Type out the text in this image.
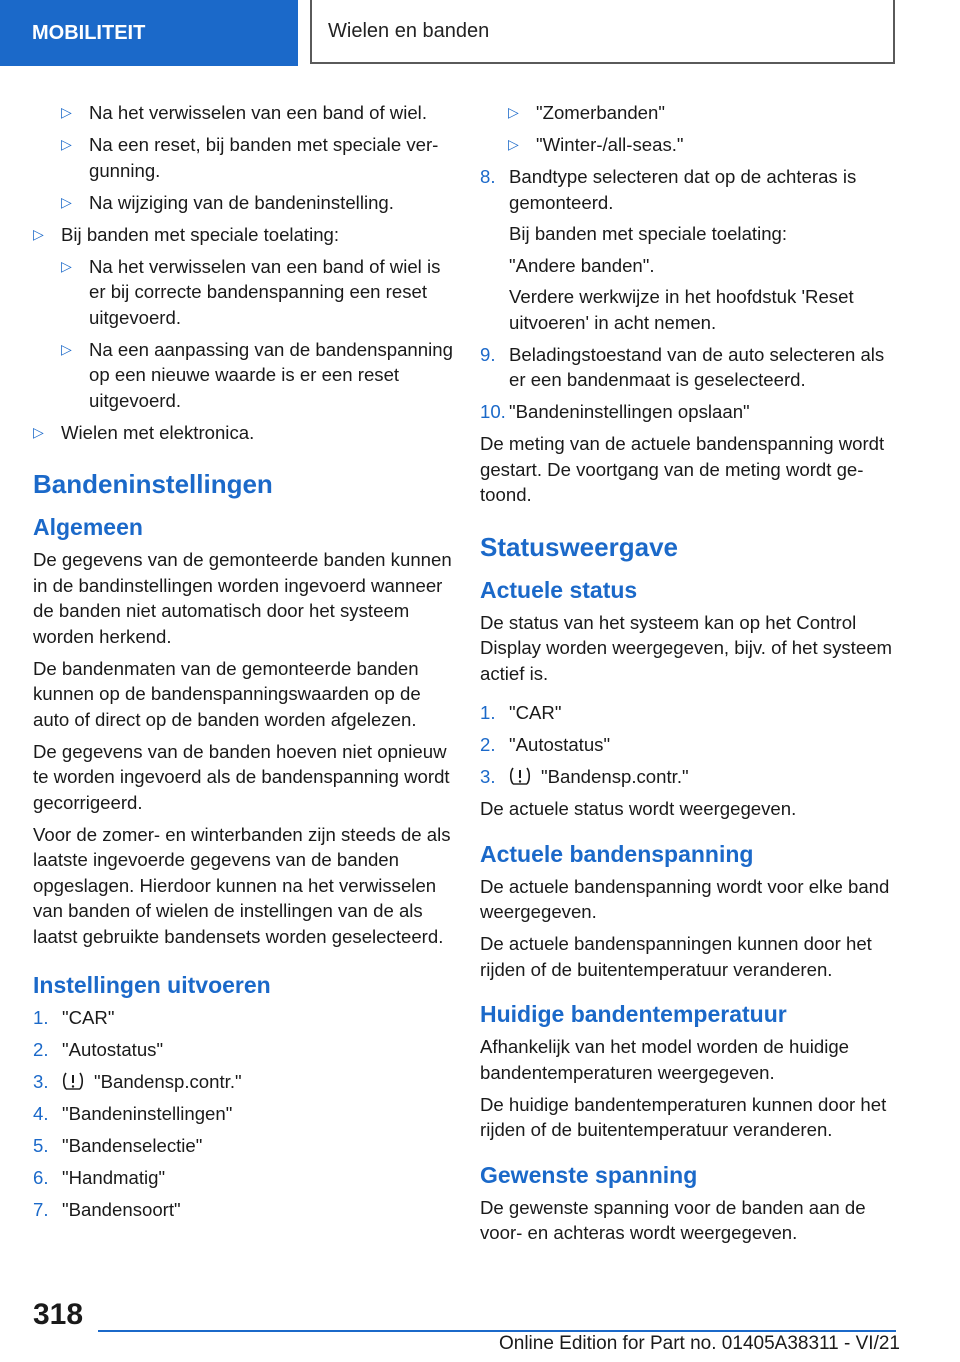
MOBILITEIT	Wielen en banden
▷ Na het verwisselen van een band of wiel.
▷ Na een reset, bij banden met speciale vergunning.
▷ Na wijziging van de bandeninstelling.
▷ Bij banden met speciale toelating:
▷ Na het verwisselen van een band of wiel is er bij correcte bandenspanning een reset uitgevoerd.
▷ Na een aanpassing van de bandenspanning op een nieuwe waarde is er een reset uitgevoerd.
▷ Wielen met elektronica.
Bandeninstellingen
Algemeen

De gegevens van de gemonteerde banden kunnen in de bandinstellingen worden ingevoerd wanneer de banden niet automatisch door het systeem worden herkend.

De bandenmaten van de gemonteerde banden kunnen op de bandenspanningswaarden op de auto of direct op de banden worden afgelezen.

De gegevens van de banden hoeven niet opnieuw te worden ingevoerd als de bandenspanning wordt gecorrigeerd.

Voor de zomer- en winterbanden zijn steeds de als laatste ingevoerde gegevens van de banden opgeslagen. Hierdoor kunnen na het verwisselen van banden of wielen de instellingen van de als laatst gebruikte bandensets worden geselecteerd.

Instellingen uitvoeren
1. "CAR"
2. "Autostatus"
3.	"Bandensp.contr."
4. "Bandeninstellingen"
5. "Bandenselectie"
6. "Handmatig"
7. "Bandensoort"
▷ "Zomerbanden"
▷ "Winter-/all-seas."
8. Bandtype selecteren dat op de achteras is gemonteerd.
Bij banden met speciale toelating:
"Andere banden".
Verdere werkwijze in het hoofdstuk 'Reset uitvoeren' in acht nemen.
9. Beladingstoestand van de auto selecteren als er een bandenmaat is geselecteerd.
10. "Bandeninstellingen opslaan"

De meting van de actuele bandenspanning wordt gestart. De voortgang van de meting wordt getoond.

Statusweergave
Actuele status

De status van het systeem kan op het Control Display worden weergegeven, bijv. of het systeem actief is.

1. "CAR"
2. "Autostatus"
3.	"Bandensp.contr."

De actuele status wordt weergegeven.

Actuele bandenspanning

De actuele bandenspanning wordt voor elke band weergegeven.

De actuele bandenspanningen kunnen door het rijden of de buitentemperatuur veranderen.

Huidige bandentemperatuur

Afhankelijk van het model worden de huidige bandentemperaturen weergegeven.

De huidige bandentemperaturen kunnen door het rijden of de buitentemperatuur veranderen.

Gewenste spanning

De gewenste spanning voor de banden aan de voor- en achteras wordt weergegeven.

318
Online Edition for Part no. 01405A38311 - VI/21
